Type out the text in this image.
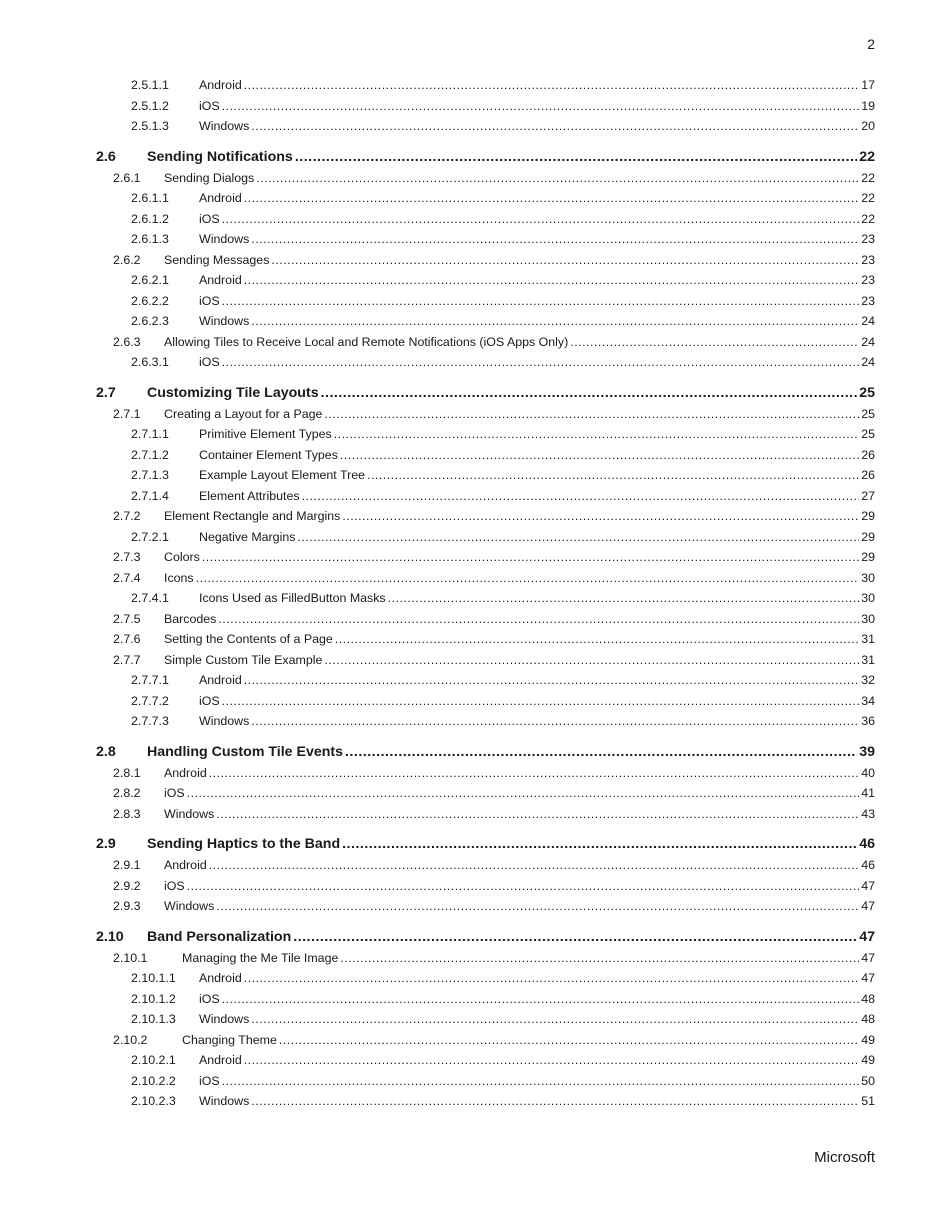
2
2.5.1.1	Android .....	17
2.5.1.2	iOS .....	19
2.5.1.3	Windows .....	20
2.6	Sending Notifications .....	22
2.6.1	Sending Dialogs .....	22
2.6.1.1	Android .....	22
2.6.1.2	iOS .....	22
2.6.1.3	Windows .....	23
2.6.2	Sending Messages .....	23
2.6.2.1	Android .....	23
2.6.2.2	iOS .....	23
2.6.2.3	Windows .....	24
2.6.3	Allowing Tiles to Receive Local and Remote Notifications (iOS Apps Only) .....	24
2.6.3.1	iOS .....	24
2.7	Customizing Tile Layouts .....	25
2.7.1	Creating a Layout for a Page .....	25
2.7.1.1	Primitive Element Types .....	25
2.7.1.2	Container Element Types .....	26
2.7.1.3	Example Layout Element Tree .....	26
2.7.1.4	Element Attributes .....	27
2.7.2	Element Rectangle and Margins .....	29
2.7.2.1	Negative Margins .....	29
2.7.3	Colors .....	29
2.7.4	Icons .....	30
2.7.4.1	Icons Used as FilledButton Masks .....	30
2.7.5	Barcodes .....	30
2.7.6	Setting the Contents of a Page .....	31
2.7.7	Simple Custom Tile Example .....	31
2.7.7.1	Android .....	32
2.7.7.2	iOS .....	34
2.7.7.3	Windows .....	36
2.8	Handling Custom Tile Events .....	39
2.8.1	Android .....	40
2.8.2	iOS .....	41
2.8.3	Windows .....	43
2.9	Sending Haptics to the Band .....	46
2.9.1	Android .....	46
2.9.2	iOS .....	47
2.9.3	Windows .....	47
2.10	Band Personalization .....	47
2.10.1	Managing the Me Tile Image .....	47
2.10.1.1	Android .....	47
2.10.1.2	iOS .....	48
2.10.1.3	Windows .....	48
2.10.2	Changing Theme .....	49
2.10.2.1	Android .....	49
2.10.2.2	iOS .....	50
2.10.2.3	Windows .....	51
Microsoft
